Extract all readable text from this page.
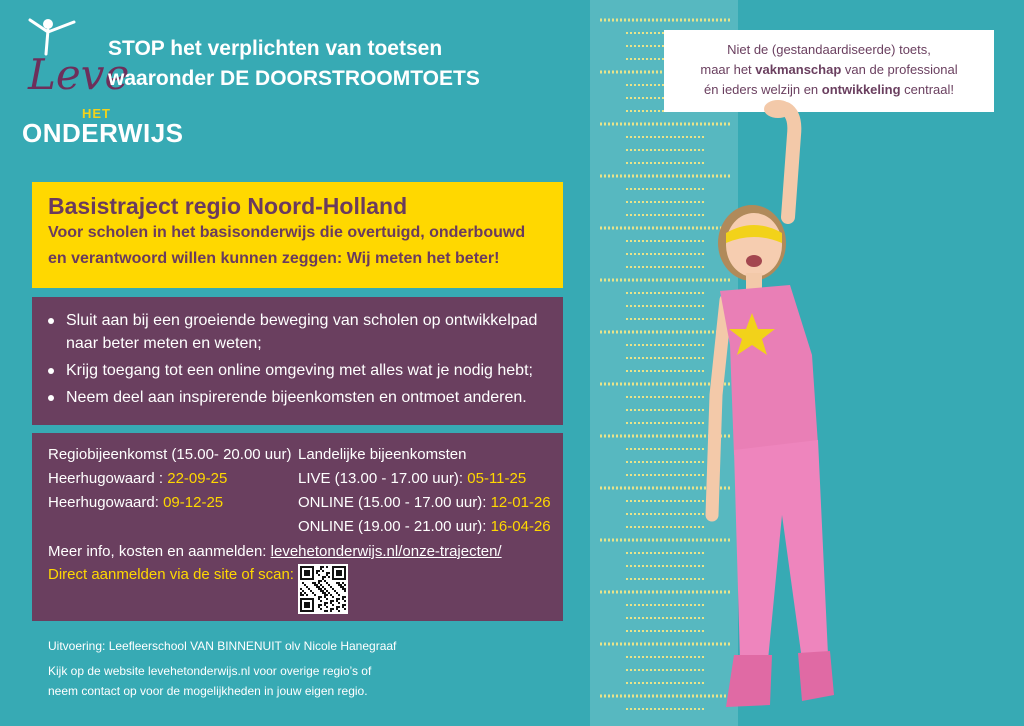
Leve
HET
ONDERWIJS
STOP het verplichten van toetsen
waaronder DE DOORSTROOMTOETS
Basistraject regio Noord-Holland
Voor scholen in het basisonderwijs die overtuigd, onderbouwd
en verantwoord willen kunnen zeggen: Wij meten het beter!
Sluit aan bij een groeiende beweging van scholen op ontwikkelpad
naar beter meten en weten;
Krijg toegang tot een online omgeving met alles wat je nodig hebt;
Neem deel aan inspirerende bijeenkomsten en ontmoet anderen.
Regiobijeenkomst (15.00- 20.00 uur)
Heerhugowaard : 22-09-25
Heerhugowaard: 09-12-25
Landelijke bijeenkomsten
LIVE (13.00 - 17.00 uur): 05-11-25
ONLINE (15.00 - 17.00 uur): 12-01-26
ONLINE (19.00 - 21.00 uur): 16-04-26
Meer info, kosten en aanmelden: levehetonderwijs.nl/onze-trajecten/
Direct aanmelden via de site of scan:
Uitvoering: Leefleerschool VAN BINNENUIT olv Nicole Hanegraaf
Kijk op de website levehetonderwijs.nl voor overige regio’s of
neem contact op voor de mogelijkheden in jouw eigen regio.
Niet de (gestandaardiseerde) toets,
maar het vakmanschap van de professional
én ieders welzijn en ontwikkeling centraal!
